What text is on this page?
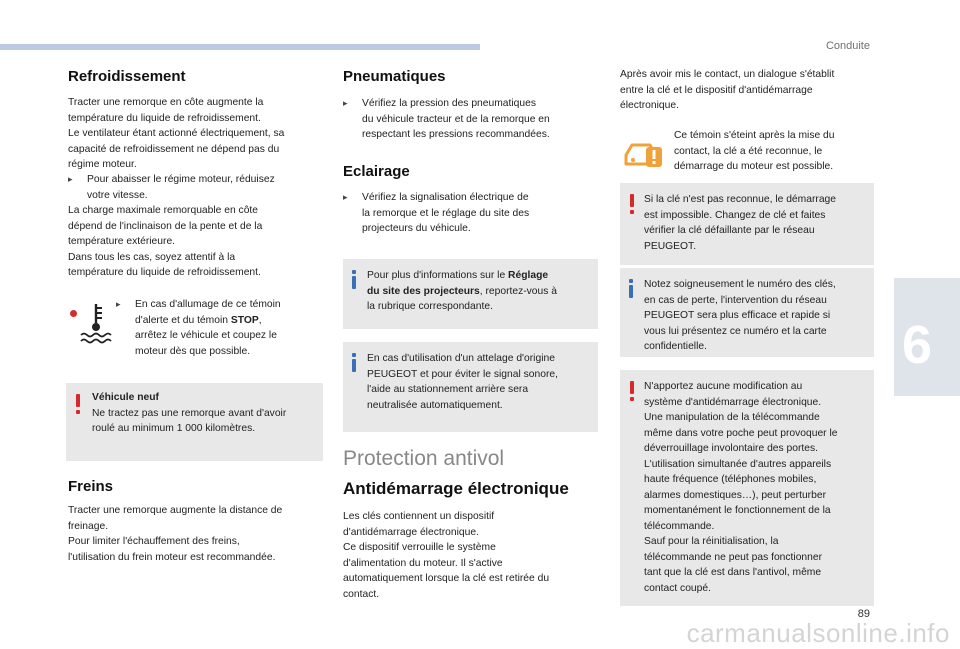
Conduite
6
89
carmanualsonline.info
Refroidissement

Tracter une remorque en côte augmente la
température du liquide de refroidissement.
Le ventilateur étant actionné électriquement, sa
capacité de refroidissement ne dépend pas du
régime moteur.

▸	Pour abaisser le régime moteur, réduisez
votre vitesse.

La charge maximale remorquable en côte
dépend de l'inclinaison de la pente et de la
température extérieure.
Dans tous les cas, soyez attentif à la
température du liquide de refroidissement.

▸	En cas d'allumage de ce témoin
d'alerte et du témoin STOP,
arrêtez le véhicule et coupez le
moteur dès que possible.
Véhicule neuf
Ne tractez pas une remorque avant d'avoir
roulé au minimum 1 000 kilomètres.
Freins

Tracter une remorque augmente la distance de
freinage.
Pour limiter l'échauffement des freins,
l'utilisation du frein moteur est recommandée.

Pneumatiques
▸	Vérifiez la pression des pneumatiques
du véhicule tracteur et de la remorque en
respectant les pressions recommandées.
Eclairage
▸	Vérifiez la signalisation électrique de
la remorque et le réglage du site des
projecteurs du véhicule.
Pour plus d'informations sur le Réglage
du site des projecteurs, reportez-vous à
la rubrique correspondante.
En cas d'utilisation d'un attelage d'origine
PEUGEOT et pour éviter le signal sonore,
l'aide au stationnement arrière sera
neutralisée automatiquement.
Protection antivol
Antidémarrage électronique

Les clés contiennent un dispositif
d'antidémarrage électronique.
Ce dispositif verrouille le système
d'alimentation du moteur. Il s'active
automatiquement lorsque la clé est retirée du
contact.

Après avoir mis le contact, un dialogue s'établit
entre la clé et le dispositif d'antidémarrage
électronique.

Ce témoin s'éteint après la mise du
contact, la clé a été reconnue, le
démarrage du moteur est possible.

Si la clé n'est pas reconnue, le démarrage
est impossible. Changez de clé et faites
vérifier la clé défaillante par le réseau
PEUGEOT.
Notez soigneusement le numéro des clés,
en cas de perte, l'intervention du réseau
PEUGEOT sera plus efficace et rapide si
vous lui présentez ce numéro et la carte
confidentielle.
N'apportez aucune modification au
système d'antidémarrage électronique.
Une manipulation de la télécommande
même dans votre poche peut provoquer le
déverrouillage involontaire des portes.
L'utilisation simultanée d'autres appareils
haute fréquence (téléphones mobiles,
alarmes domestiques…), peut perturber
momentanément le fonctionnement de la
télécommande.
Sauf pour la réinitialisation, la
télécommande ne peut pas fonctionner
tant que la clé est dans l'antivol, même
contact coupé.
